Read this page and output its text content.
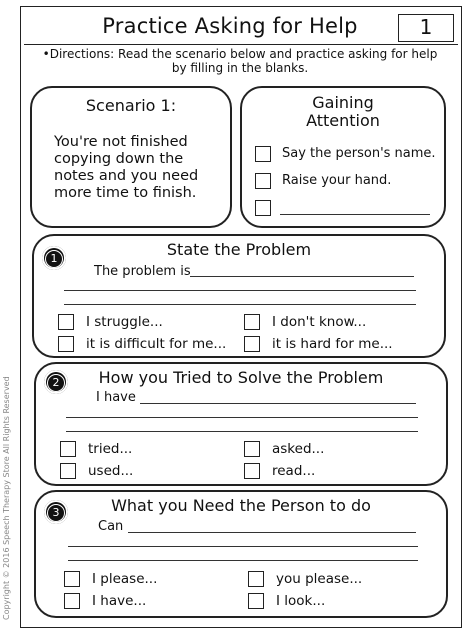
Practice Asking for Help	1
•Directions: Read the scenario below and practice asking for help by filling in the blanks.
Scenario 1:
You're not finished
copying down the
notes and you need
more time to finish.
Gaining
Attention
Say the person's name.
Raise your hand.
1	State the Problem
The problem is
I struggle...	I don't know...
it is difficult for me...	it is hard for me...
2	How you Tried to Solve the Problem
I have
tried...	asked...
used...	read...
3	What you Need the Person to do
Can
I please...	you please...
I have...	I look...
Copyright © 2016 Speech Therapy Store All Rights Reserved
